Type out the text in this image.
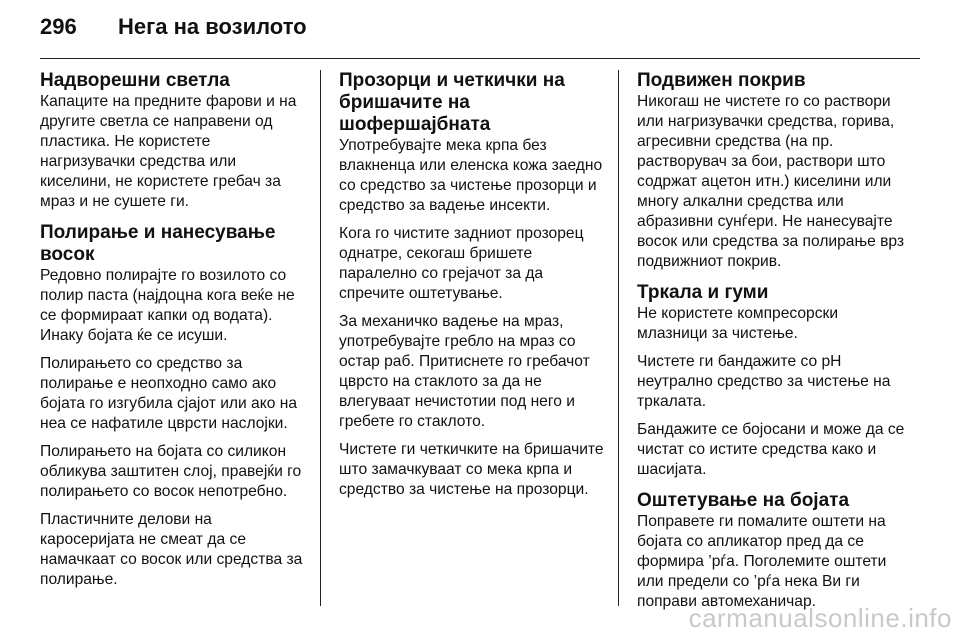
296	Нега на возилото
Надворешни светла

Капаците на предните фарови и на другите светла се направени од пластика. Не користете нагризувачки средства или киселини, не користете гребач за мраз и не сушете ги.

Полирање и нанесување восок

Редовно полирајте го возилото со полир паста (најдоцна кога веќе не се формираат капки од водата). Инаку бојата ќе се исуши.

Полирањето со средство за полирање е неопходно само ако бојата го изгубила сјајот или ако на неа се нафатиле цврсти наслојки.

Полирањето на бојата со силикон обликува заштитен слој, правејќи го полирањето со восок непотребно.

Пластичните делови на каросеријата не смеат да се намачкаат со восок или средства за полирање.

Прозорци и четкички на бришачите на шофершајбната

Употребувајте мека крпа без влакненца или еленска кожа заедно со средство за чистење прозорци и средство за вадење инсекти.

Кога го чистите задниот прозорец однатре, секогаш бришете паралелно со грејачот за да спречите оштетување.

За механичко вадење на мраз, употребувајте гребло на мраз со остар раб. Притиснете го гребачот цврсто на стаклото за да не влегуваат нечистотии под него и гребете го стаклото.

Чистете ги четкичките на бришачите што замачкуваат со мека крпа и средство за чистење на прозорци.

Подвижен покрив

Никогаш не чистете го со раствори или нагризувачки средства, горива, агресивни средства (на пр. растворувач за бои, раствори што содржат ацетон итн.) киселини или многу алкални средства или абразивни сунѓери. Не нанесувајте восок или средства за полирање врз подвижниот покрив.

Тркала и гуми

Не користете компресорски млазници за чистење.

Чистете ги бандажите со pH неутрално средство за чистење на тркалата.

Бандажите се бојосани и може да се чистат со истите средства како и шасијата.

Оштетување на бојата

Поправете ги помалите оштети на бојата со апликатор пред да се формира ’рѓа. Поголемите оштети или предели со ’рѓа нека Ви ги поправи автомеханичар.

carmanualsonline.info
